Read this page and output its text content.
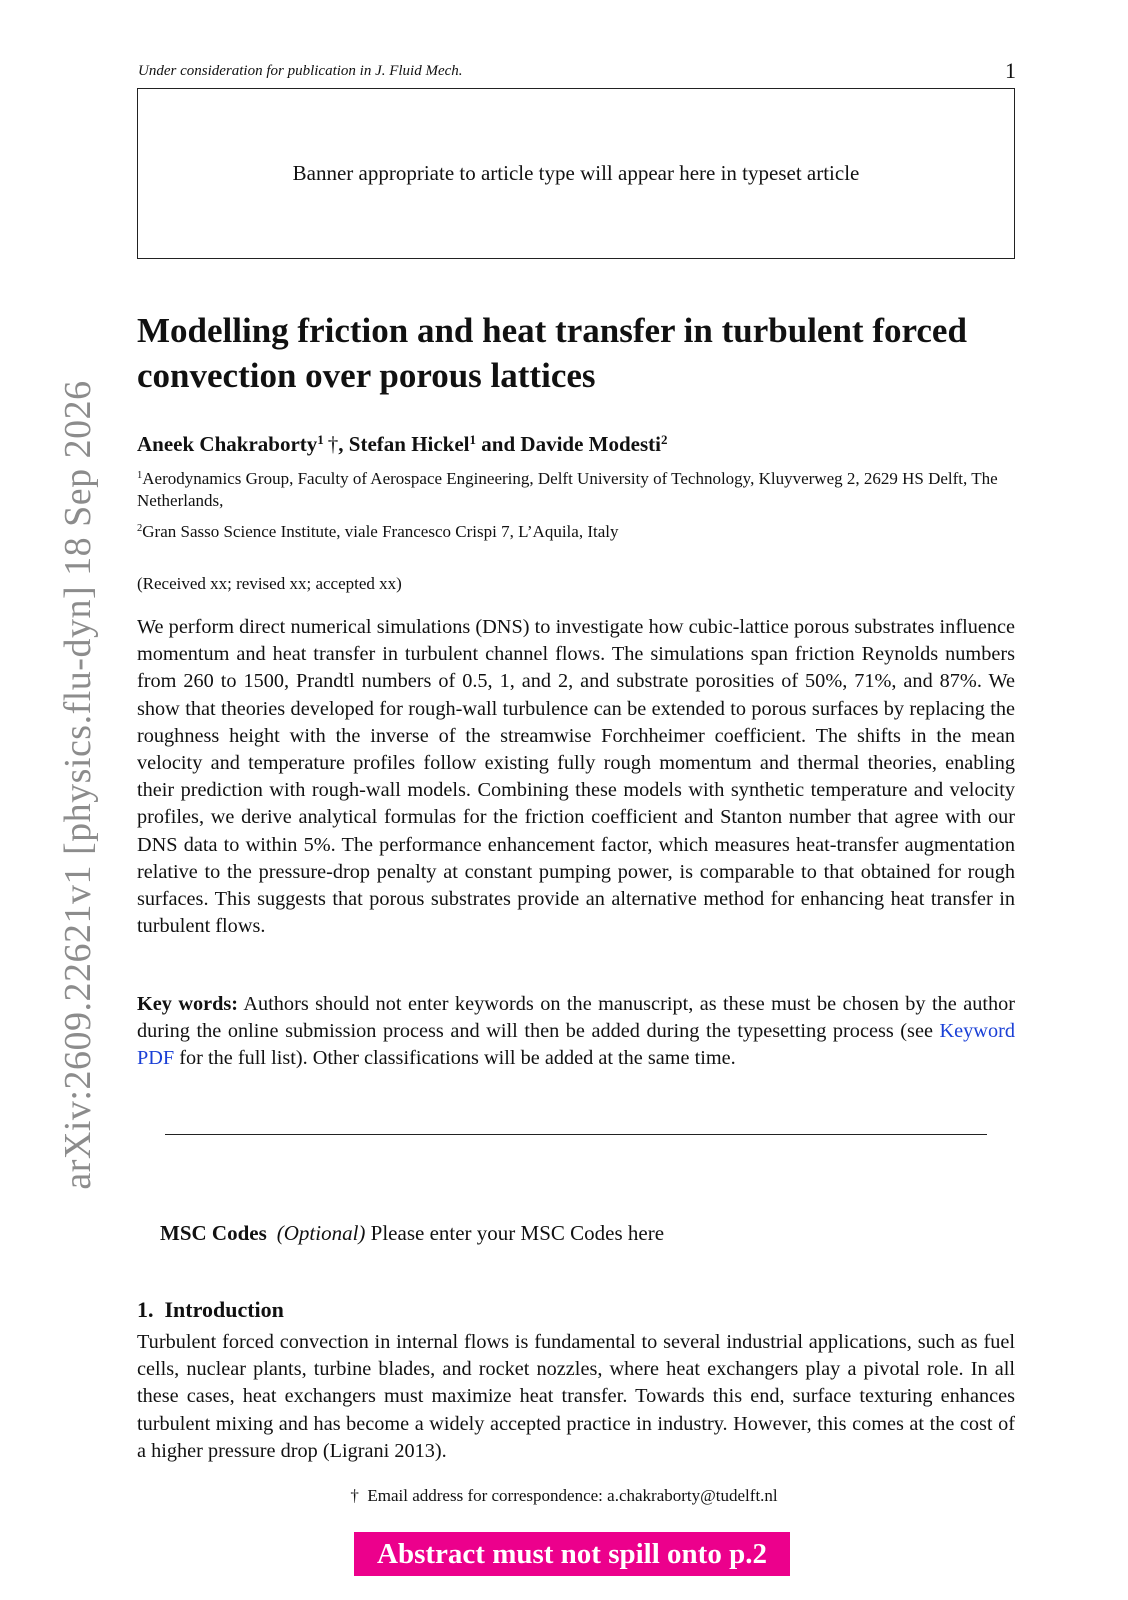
Under consideration for publication in J. Fluid Mech.	1
Banner appropriate to article type will appear here in typeset article
arXiv:2609.22621v1 [physics.flu-dyn] 18 Sep 2026
Modelling friction and heat transfer in turbulent forced convection over porous lattices
Aneek Chakraborty$^1$ †, Stefan Hickel$^1$ and Davide Modesti$^2$
$^1$Aerodynamics Group, Faculty of Aerospace Engineering, Delft University of Technology, Kluyverweg 2, 2629 HS Delft, The Netherlands,
$^2$Gran Sasso Science Institute, viale Francesco Crispi 7, L’Aquila, Italy
(Received xx; revised xx; accepted xx)

We perform direct numerical simulations (DNS) to investigate how cubic-lattice porous substrates influence momentum and heat transfer in turbulent channel flows. The simulations span friction Reynolds numbers from 260 to 1500, Prandtl numbers of 0.5, 1, and 2, and substrate porosities of 50%, 71%, and 87%. We show that theories developed for rough-wall turbulence can be extended to porous surfaces by replacing the roughness height with the inverse of the streamwise Forchheimer coefficient. The shifts in the mean velocity and temperature profiles follow existing fully rough momentum and thermal theories, enabling their prediction with rough-wall models. Combining these models with synthetic temperature and velocity profiles, we derive analytical formulas for the friction coefficient and Stanton number that agree with our DNS data to within 5%. The performance enhancement factor, which measures heat-transfer augmentation relative to the pressure-drop penalty at constant pumping power, is comparable to that obtained for rough surfaces. This suggests that porous substrates provide an alternative method for enhancing heat transfer in turbulent flows.

Key words: Authors should not enter keywords on the manuscript, as these must be chosen by the author during the online submission process and will then be added during the typesetting process (see Keyword PDF for the full list). Other classifications will be added at the same time.

MSC Codes (Optional) Please enter your MSC Codes here
1. Introduction

Turbulent forced convection in internal flows is fundamental to several industrial applications, such as fuel cells, nuclear plants, turbine blades, and rocket nozzles, where heat exchangers play a pivotal role. In all these cases, heat exchangers must maximize heat transfer. Towards this end, surface texturing enhances turbulent mixing and has become a widely accepted practice in industry. However, this comes at the cost of a higher pressure drop (Ligrani 2013).

† Email address for correspondence: a.chakraborty@tudelft.nl
Abstract must not spill onto p.2
